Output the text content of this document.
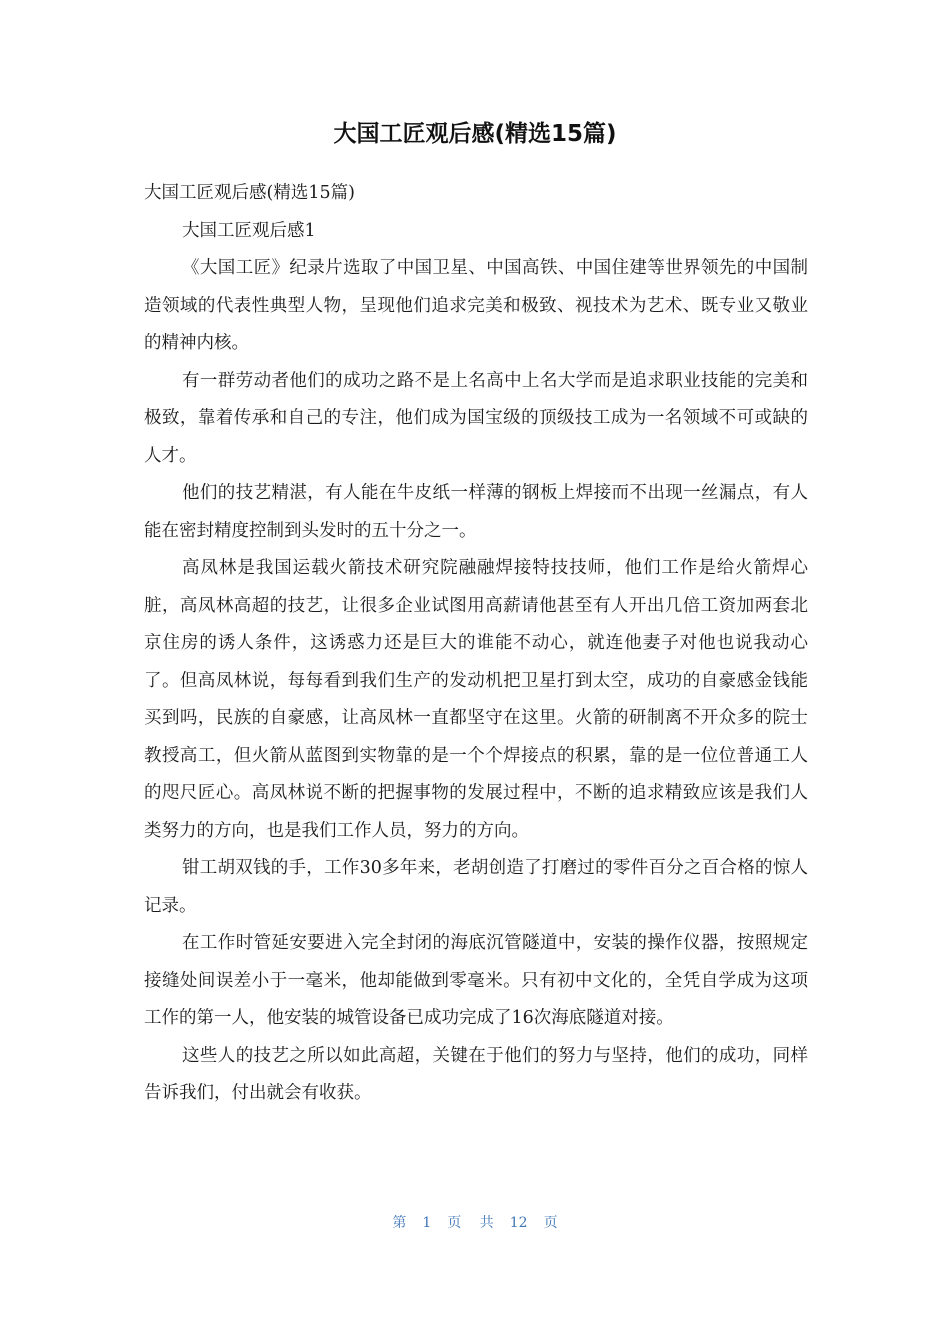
大国工匠观后感(精选15篇)

大国工匠观后感(精选15篇)

大国工匠观后感1

《大国工匠》纪录片选取了中国卫星、中国高铁、中国住建等世界领先的中国制造领域的代表性典型人物，呈现他们追求完美和极致、视技术为艺术、既专业又敬业的精神内核。

有一群劳动者他们的成功之路不是上名高中上名大学而是追求职业技能的完美和极致，靠着传承和自己的专注，他们成为国宝级的顶级技工成为一名领域不可或缺的人才。

他们的技艺精湛，有人能在牛皮纸一样薄的钢板上焊接而不出现一丝漏点，有人能在密封精度控制到头发时的五十分之一。

高凤林是我国运载火箭技术研究院融融焊接特技技师，他们工作是给火箭焊心脏，高凤林高超的技艺，让很多企业试图用高薪请他甚至有人开出几倍工资加两套北京住房的诱人条件，这诱惑力还是巨大的谁能不动心，就连他妻子对他也说我动心了。但高凤林说，每每看到我们生产的发动机把卫星打到太空，成功的自豪感金钱能买到吗，民族的自豪感，让高凤林一直都坚守在这里。火箭的研制离不开众多的院士教授高工，但火箭从蓝图到实物靠的是一个个焊接点的积累，靠的是一位位普通工人的咫尺匠心。高凤林说不断的把握事物的发展过程中，不断的追求精致应该是我们人类努力的方向，也是我们工作人员，努力的方向。

钳工胡双钱的手，工作30多年来，老胡创造了打磨过的零件百分之百合格的惊人记录。

在工作时管延安要进入完全封闭的海底沉管隧道中，安装的操作仪器，按照规定接缝处间误差小于一毫米，他却能做到零毫米。只有初中文化的，全凭自学成为这项工作的第一人，他安装的城管设备已成功完成了16次海底隧道对接。

这些人的技艺之所以如此高超，关键在于他们的努力与坚持，他们的成功，同样告诉我们，付出就会有收获。

第 1 页 共 12 页
